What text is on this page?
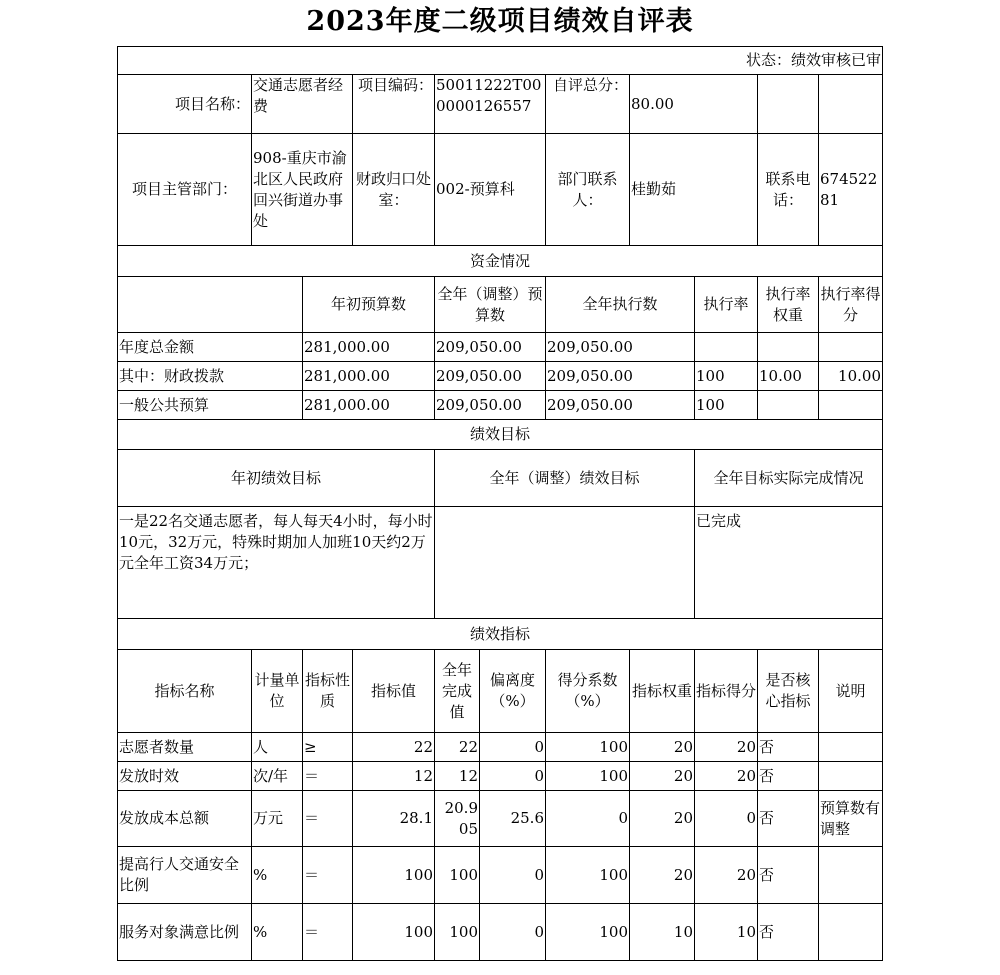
2023年度二级项目绩效自评表
状态：绩效审核已审										
项目名称：	交通志愿者经费		项目编码：	50011222T000000126557		自评总分：	80.00			
项目主管部门：	908-重庆市渝北区人民政府回兴街道办事处		财政归口处室：	002-预算科		部门联系人：	桂勤茹		联系电话：	67452281
资金情况										
		年初预算数		全年（调整）预算数		全年执行数		执行率	执行率权重	执行率得分
年度总金额		281,000.00		209,050.00		209,050.00				
其中：财政拨款		281,000.00		209,050.00		209,050.00		100	10.00	10.00
一般公共预算		281,000.00		209,050.00		209,050.00		100		
绩效目标										
年初绩效目标				全年（调整）绩效目标				全年目标实际完成情况		
一是22名交通志愿者，每人每天4小时，每小时10元，32万元，特殊时期加人加班10天约2万元全年工资34万元；								已完成		
绩效指标										
指标名称	计量单位	指标性质	指标值	全年完成值	偏离度（%）	得分系数（%）	指标权重	指标得分	是否核心指标	说明
志愿者数量	人	≥	22	22	0	100	20	20	否	
发放时效	次/年	＝	12	12	0	100	20	20	否	
发放成本总额	万元	＝	28.1	20.905	25.6	0	20	0	否	预算数有调整
提高行人交通安全比例	%	＝	100	100	0	100	20	20	否	
服务对象满意比例	%	＝	100	100	0	100	10	10	否	
